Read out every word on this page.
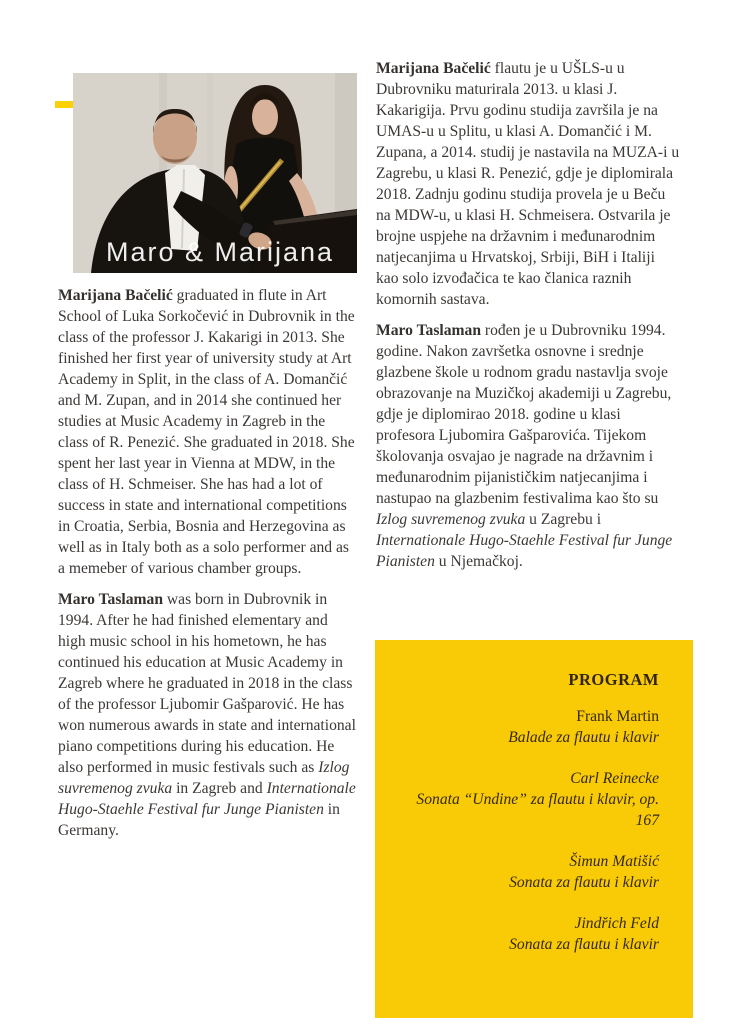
Maro & Marijana

Marijana Bačelić graduated in flute in Art School of Luka Sorkočević in Dubrovnik in the class of the professor J. Kakarigi in 2013. She finished her first year of university study at Art Academy in Split, in the class of A. Domančić and M. Zupan, and in 2014 she continued her studies at Music Academy in Zagreb in the class of R. Penezić. She graduated in 2018. She spent her last year in Vienna at MDW, in the class of H. Schmeiser. She has had a lot of success in state and international competitions in Croatia, Serbia, Bosnia and Herzegovina as well as in Italy both as a solo performer and as a memeber of various chamber groups.

Maro Taslaman was born in Dubrovnik in 1994. After he had finished elementary and high music school in his hometown, he has continued his education at Music Academy in Zagreb where he graduated in 2018 in the class of the professor Ljubomir Gašparović. He has won numerous awards in state and international piano competitions during his education. He also performed in music festivals such as Izlog suvremenog zvuka in Zagreb and Internationale Hugo-Staehle Festival fur Junge Pianisten in Germany.

Marijana Bačelić flautu je u UŠLS-u u Dubrovniku maturirala 2013. u klasi J. Kakarigija. Prvu godinu studija završila je na UMAS-u u Splitu, u klasi A. Domančić i M. Zupana, a 2014. studij je nastavila na MUZA-i u Zagrebu, u klasi R. Penezić, gdje je diplomirala 2018. Zadnju godinu studija provela je u Beču na MDW-u, u klasi H. Schmeisera. Ostvarila je brojne uspjehe na državnim i međunarodnim natjecanjima u Hrvatskoj, Srbiji, BiH i Italiji kao solo izvođačica te kao članica raznih komornih sastava.

Maro Taslaman rođen je u Dubrovniku 1994. godine. Nakon završetka osnovne i srednje glazbene škole u rodnom gradu nastavlja svoje obrazovanje na Muzičkoj akademiji u Zagrebu, gdje je diplomirao 2018. godine u klasi profesora Ljubomira Gašparovića. Tijekom školovanja osvajao je nagrade na državnim i međunarodnim pijanističkim natjecanjima i nastupao na glazbenim festivalima kao što su Izlog suvremenog zvuka u Zagrebu i Internationale Hugo-Staehle Festival fur Junge Pianisten u Njemačkoj.

PROGRAM
Frank Martin
Balade za flautu i klavir
Carl Reinecke
Sonata “Undine” za flautu i klavir, op. 167
Šimun Matišić
Sonata za flautu i klavir
Jindřich Feld
Sonata za flautu i klavir
